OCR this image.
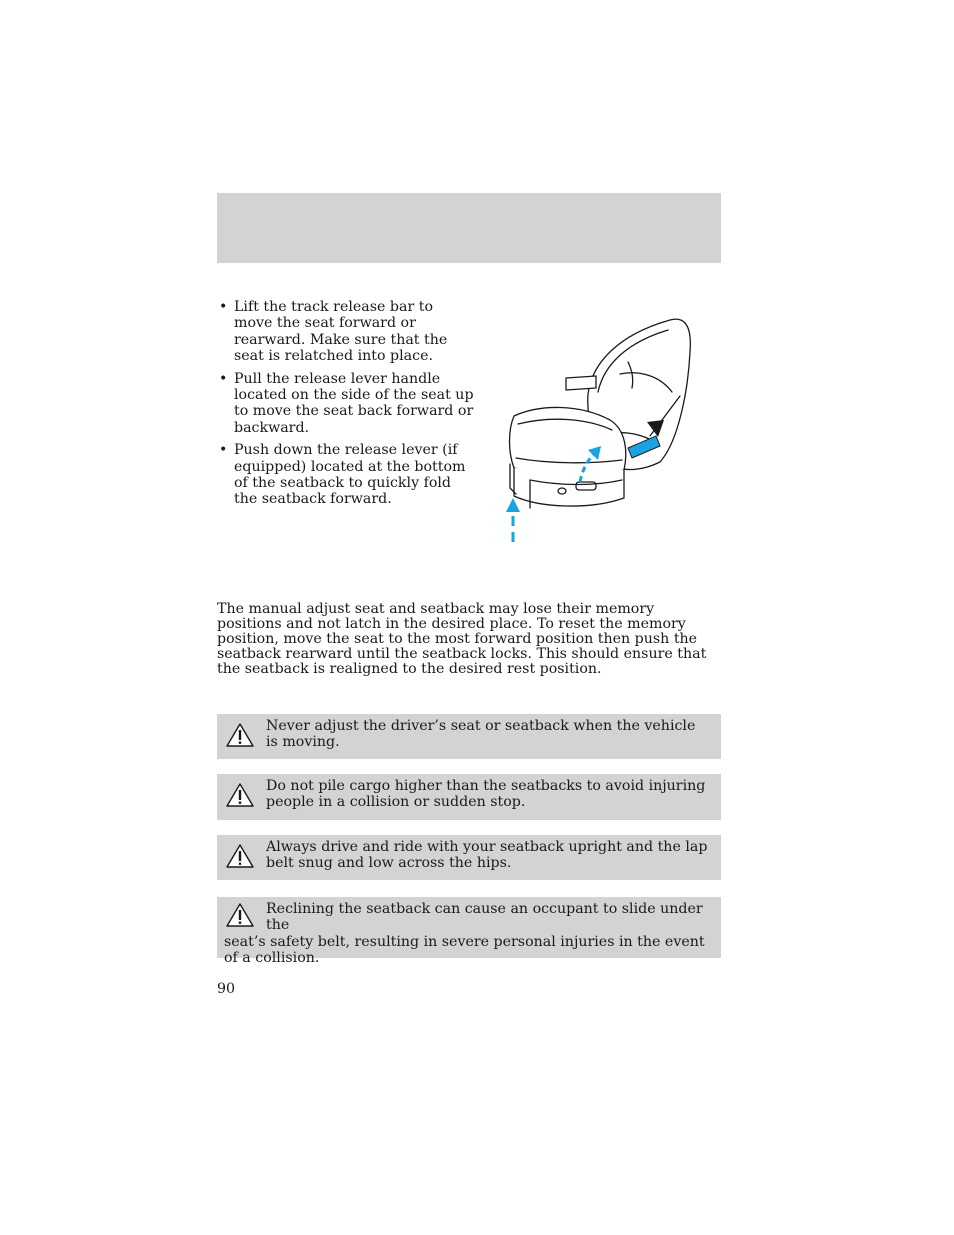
• Lift the track release bar to move the seat forward or rearward. Make sure that the seat is relatched into place.
• Pull the release lever handle located on the side of the seat up to move the seat back forward or backward.
• Push down the release lever (if equipped) located at the bottom of the seatback to quickly fold the seatback forward.

The manual adjust seat and seatback may lose their memory positions and not latch in the desired place. To reset the memory position, move the seat to the most forward position then push the seatback rearward until the seatback locks. This should ensure that the seatback is realigned to the desired rest position.

Never adjust the driver’s seat or seatback when the vehicle is moving.
Do not pile cargo higher than the seatbacks to avoid injuring people in a collision or sudden stop.
Always drive and ride with your seatback upright and the lap belt snug and low across the hips.
Reclining the seatback can cause an occupant to slide under the
seat’s safety belt, resulting in severe personal injuries in the event of a collision.
90
